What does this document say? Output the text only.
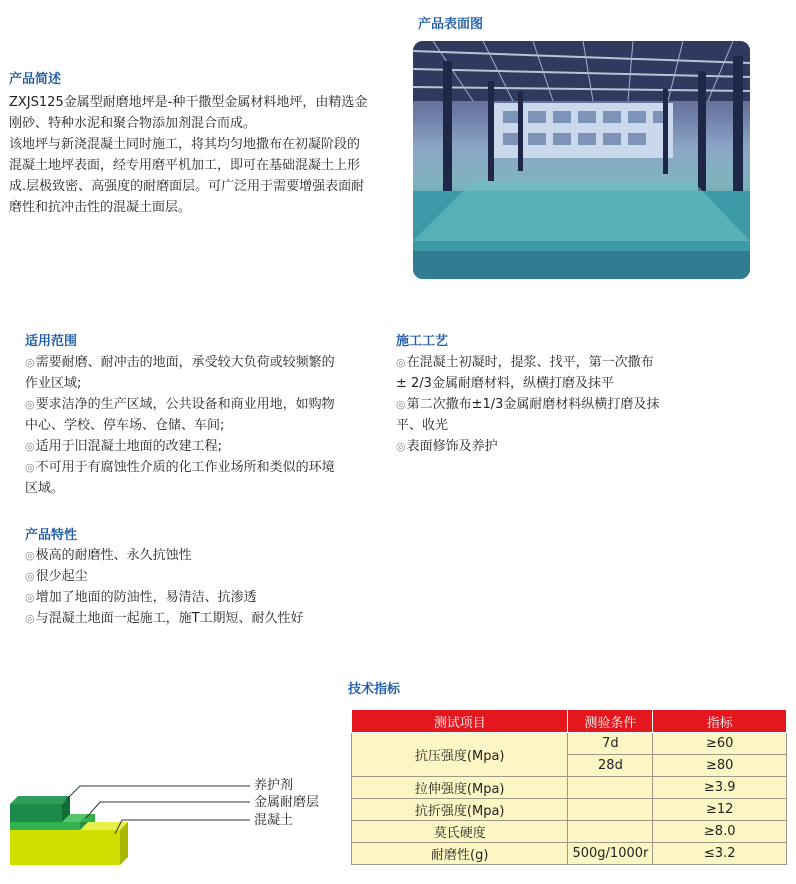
产品表面图
产品简述

ZXJS125金属型耐磨地坪是-种干撒型金属材料地坪，由精选金刚砂、特种水泥和聚合物添加剂混合而成。

该地坪与新浇混凝土同时施工，将其均匀地撒布在初凝阶段的混凝土地坪表面，经专用磨平机加工，即可在基础混凝土上形成.层极致密、高强度的耐磨面层。可广泛用于需要增强表面耐磨性和抗冲击性的混凝土面层。

适用范围

◎需要耐磨、耐冲击的地面，承受较大负荷或较频繁的作业区域;

◎要求洁净的生产区域，公共设备和商业用地，如购物中心、学校、停车场、仓储、车间;

◎适用于旧混凝土地面的改建工程;

◎不可用于有腐蚀性介质的化工作业场所和类似的环境区域。

施工工艺

◎在混凝土初凝时，提浆、找平，第一次撒布± 2/3金属耐磨材料，纵横打磨及抹平

◎第二次撒布±1/3金属耐磨材料纵横打磨及抹平、收光

◎表面修饰及养护

产品特性

◎极高的耐磨性、永久抗蚀性

◎很少起尘

◎增加了地面的防油性，易清洁、抗渗透

◎与混凝土地面一起施工，施T工期短、耐久性好

养护剂
金属耐磨层
混凝土
技术指标
测试项目	测验条件	指标
抗压强度(Mpa)	7d	≥60
	28d	≥80
拉伸强度(Mpa)		≥3.9
抗折强度(Mpa)		≥12
莫氏硬度		≥8.0
耐磨性(g)	500g/1000r	≤3.2
